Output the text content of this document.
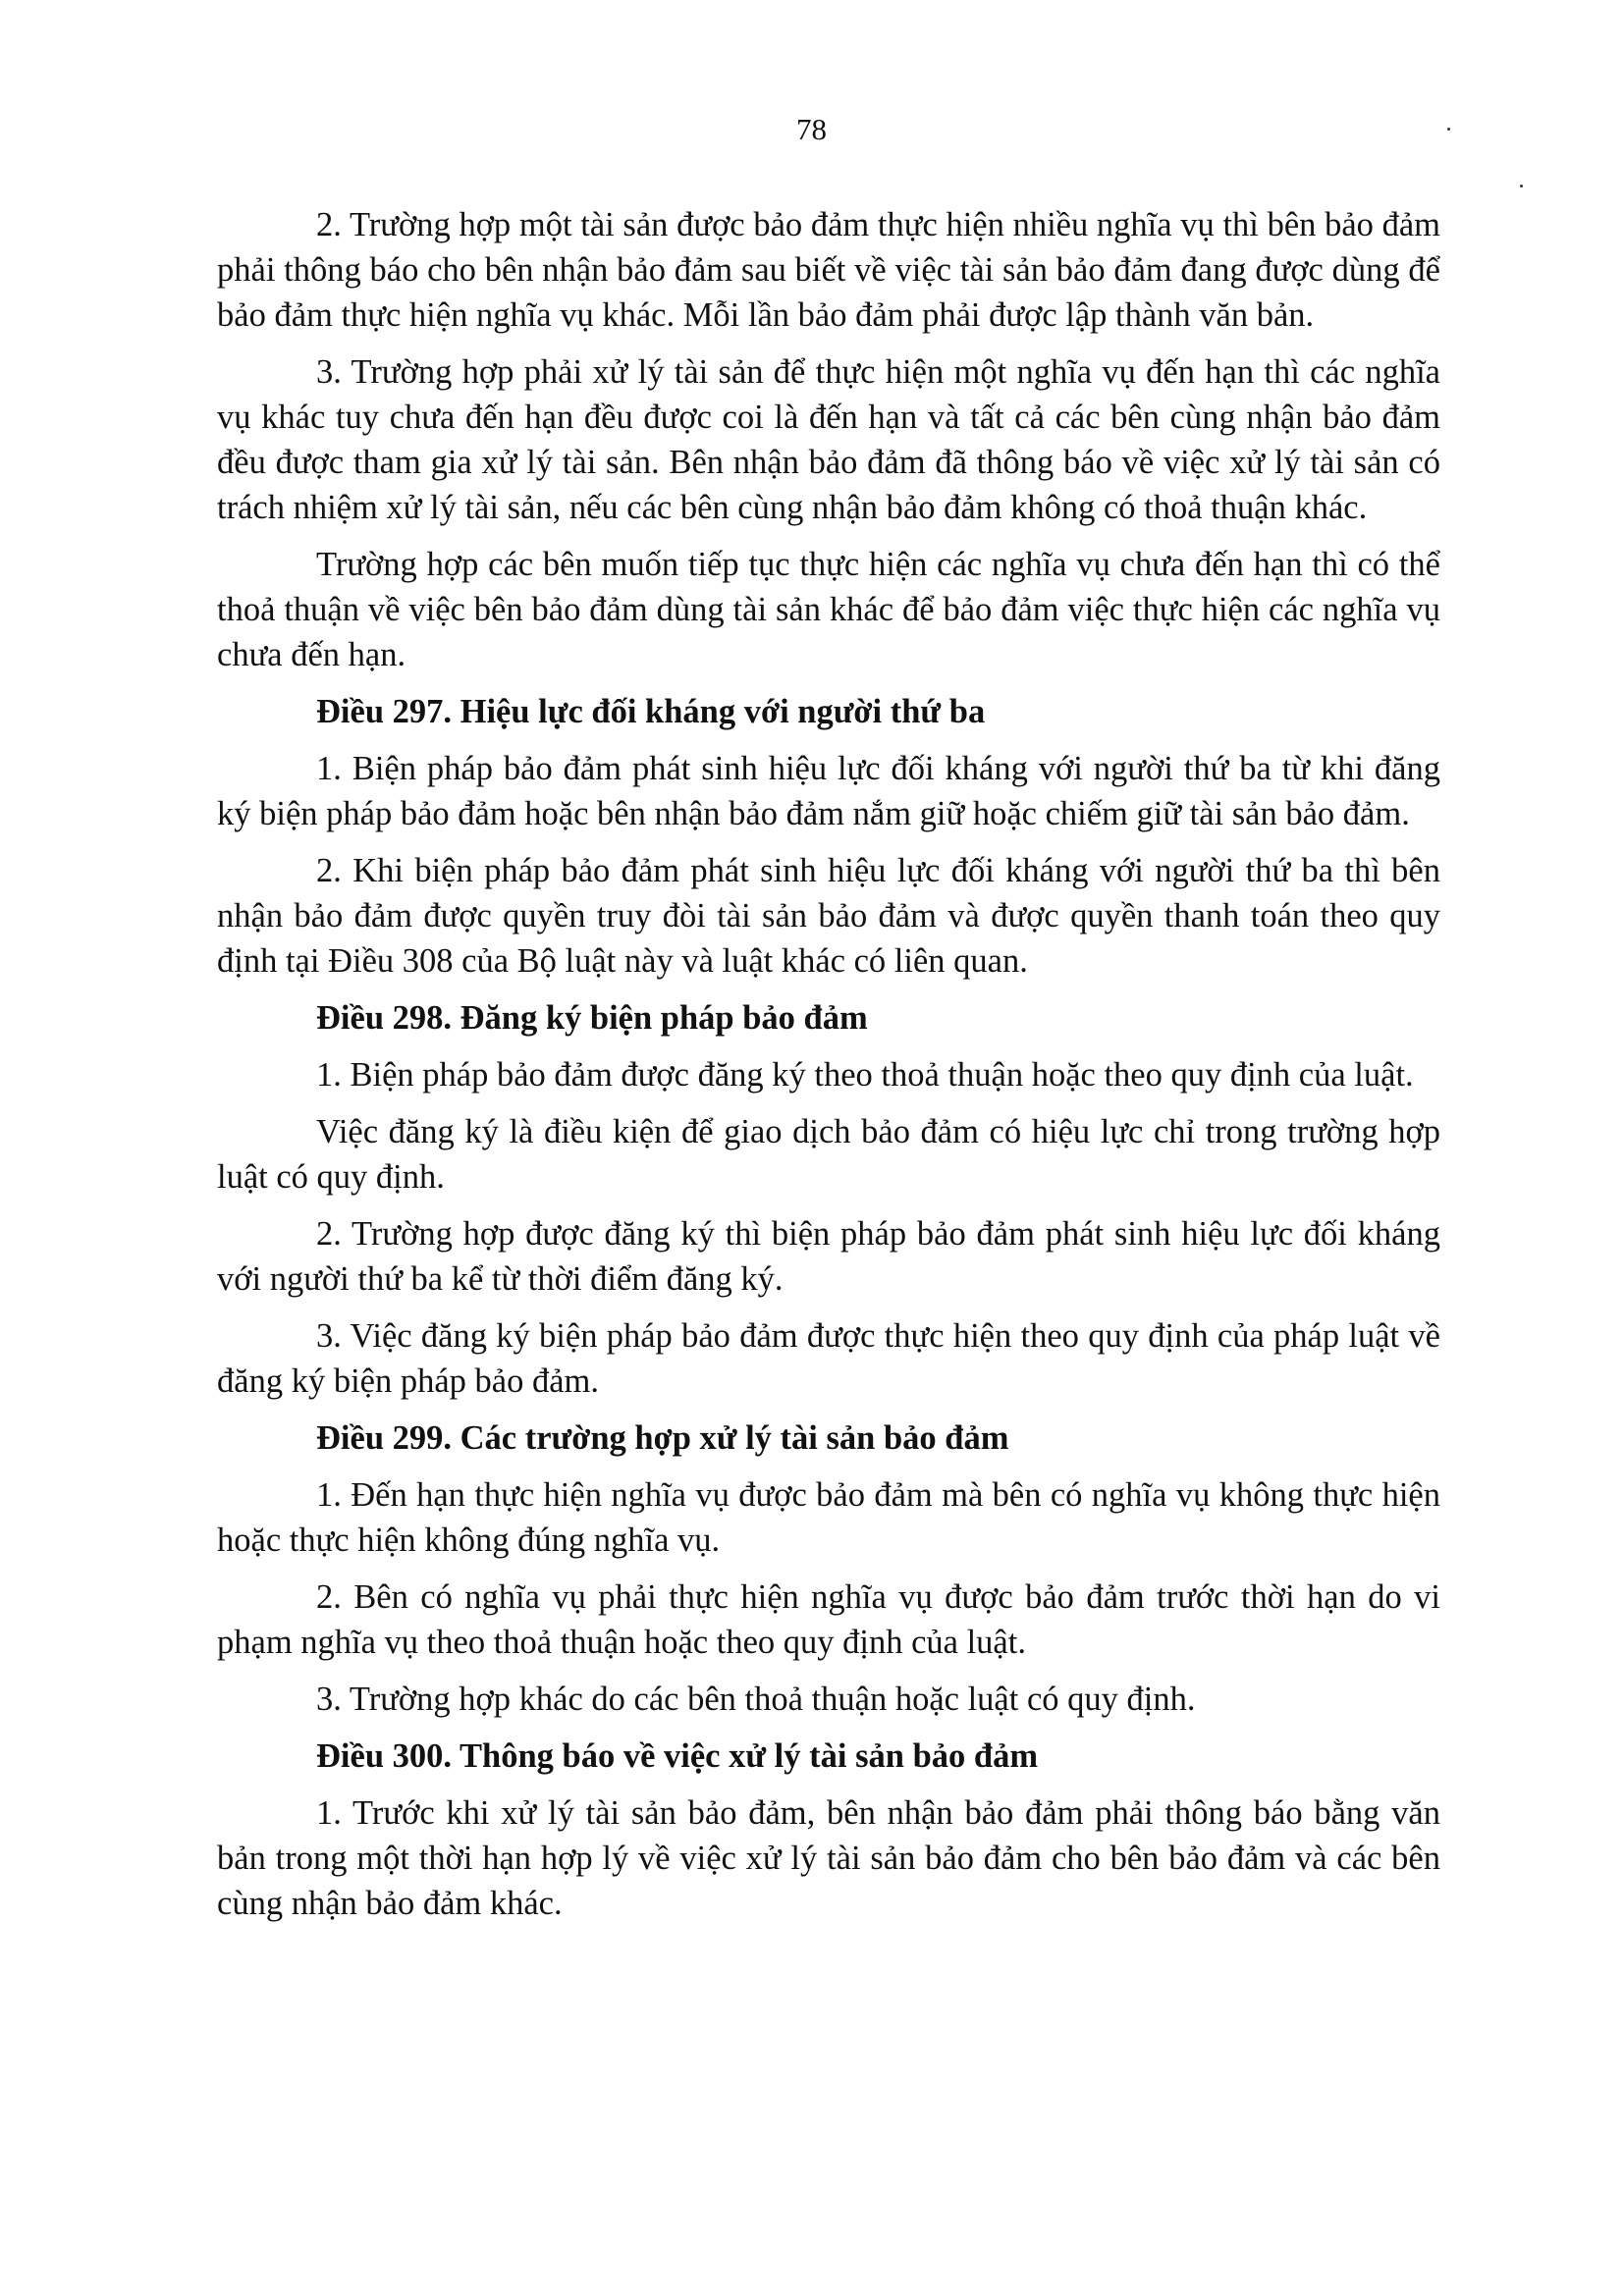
78

2. Trường hợp một tài sản được bảo đảm thực hiện nhiều nghĩa vụ thì bên bảo đảm phải thông báo cho bên nhận bảo đảm sau biết về việc tài sản bảo đảm đang được dùng để bảo đảm thực hiện nghĩa vụ khác. Mỗi lần bảo đảm phải được lập thành văn bản.

3. Trường hợp phải xử lý tài sản để thực hiện một nghĩa vụ đến hạn thì các nghĩa vụ khác tuy chưa đến hạn đều được coi là đến hạn và tất cả các bên cùng nhận bảo đảm đều được tham gia xử lý tài sản. Bên nhận bảo đảm đã thông báo về việc xử lý tài sản có trách nhiệm xử lý tài sản, nếu các bên cùng nhận bảo đảm không có thoả thuận khác.

Trường hợp các bên muốn tiếp tục thực hiện các nghĩa vụ chưa đến hạn thì có thể thoả thuận về việc bên bảo đảm dùng tài sản khác để bảo đảm việc thực hiện các nghĩa vụ chưa đến hạn.

Điều 297. Hiệu lực đối kháng với người thứ ba

1. Biện pháp bảo đảm phát sinh hiệu lực đối kháng với người thứ ba từ khi đăng ký biện pháp bảo đảm hoặc bên nhận bảo đảm nắm giữ hoặc chiếm giữ tài sản bảo đảm.

2. Khi biện pháp bảo đảm phát sinh hiệu lực đối kháng với người thứ ba thì bên nhận bảo đảm được quyền truy đòi tài sản bảo đảm và được quyền thanh toán theo quy định tại Điều 308 của Bộ luật này và luật khác có liên quan.

Điều 298. Đăng ký biện pháp bảo đảm

1. Biện pháp bảo đảm được đăng ký theo thoả thuận hoặc theo quy định của luật.

Việc đăng ký là điều kiện để giao dịch bảo đảm có hiệu lực chỉ trong trường hợp luật có quy định.

2. Trường hợp được đăng ký thì biện pháp bảo đảm phát sinh hiệu lực đối kháng với người thứ ba kể từ thời điểm đăng ký.

3. Việc đăng ký biện pháp bảo đảm được thực hiện theo quy định của pháp luật về đăng ký biện pháp bảo đảm.

Điều 299. Các trường hợp xử lý tài sản bảo đảm

1. Đến hạn thực hiện nghĩa vụ được bảo đảm mà bên có nghĩa vụ không thực hiện hoặc thực hiện không đúng nghĩa vụ.

2. Bên có nghĩa vụ phải thực hiện nghĩa vụ được bảo đảm trước thời hạn do vi phạm nghĩa vụ theo thoả thuận hoặc theo quy định của luật.

3. Trường hợp khác do các bên thoả thuận hoặc luật có quy định.

Điều 300. Thông báo về việc xử lý tài sản bảo đảm

1. Trước khi xử lý tài sản bảo đảm, bên nhận bảo đảm phải thông báo bằng văn bản trong một thời hạn hợp lý về việc xử lý tài sản bảo đảm cho bên bảo đảm và các bên cùng nhận bảo đảm khác.
